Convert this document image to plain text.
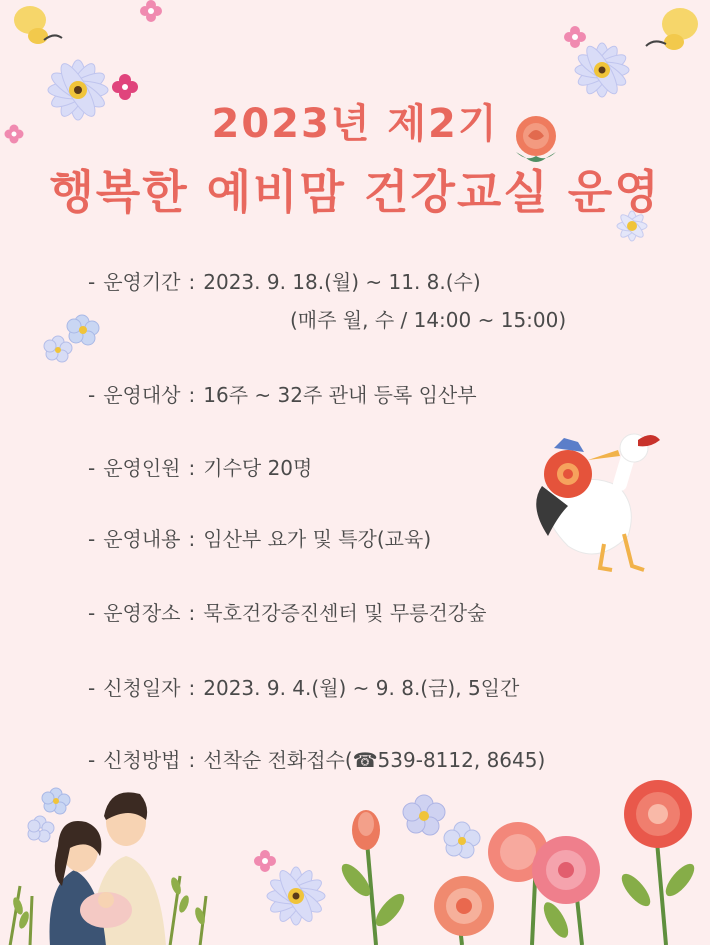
2023년 제2기
행복한 예비맘 건강교실 운영
- 운영기간 : 2023. 9. 18.(월) ~ 11. 8.(수)
(매주 월, 수 / 14:00 ~ 15:00)
- 운영대상 : 16주 ~ 32주 관내 등록 임산부
- 운영인원 : 기수당 20명
- 운영내용 : 임산부 요가 및 특강(교육)
- 운영장소 : 묵호건강증진센터 및 무릉건강숲
- 신청일자 : 2023. 9. 4.(월) ~ 9. 8.(금), 5일간
- 신청방법 : 선착순 전화접수(☎539-8112, 8645)
